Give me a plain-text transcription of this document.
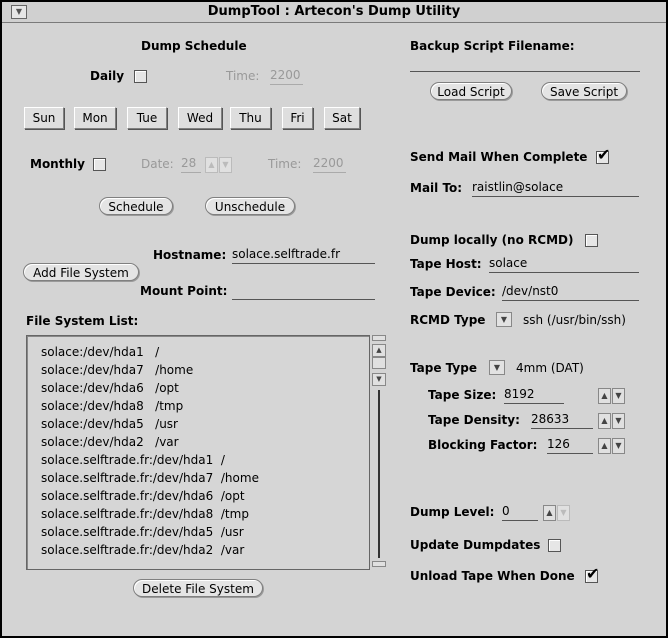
▼	DumpTool : Artecon's Dump Utility
Dump Schedule
Daily	Time: 2200
Sun	Mon	Tue	Wed	Thu	Fri	Sat
Monthly	Date: 28	▲ ▼	Time: 2200
Schedule	Unschedule
Hostname: solace.selftrade.fr
Add File System
Mount Point:
File System List:
solace:/dev/hda1   /
solace:/dev/hda7   /home
solace:/dev/hda6   /opt
solace:/dev/hda8   /tmp
solace:/dev/hda5   /usr
solace:/dev/hda2   /var
solace.selftrade.fr:/dev/hda1  /
solace.selftrade.fr:/dev/hda7  /home
solace.selftrade.fr:/dev/hda6  /opt
solace.selftrade.fr:/dev/hda8  /tmp
solace.selftrade.fr:/dev/hda5  /usr
solace.selftrade.fr:/dev/hda2  /var
▲
▼
Delete File System
Backup Script Filename:
Load Script	Save Script
Send Mail When Complete ✔
Mail To: raistlin@solace
Dump locally (no RCMD)
Tape Host: solace
Tape Device: /dev/nst0
RCMD Type	▼	ssh (/usr/bin/ssh)
Tape Type	▼	4mm (DAT)
Tape Size: 8192	▲ ▼
Tape Density: 28633	▲ ▼
Blocking Factor: 126	▲ ▼
Dump Level: 0	▲ ▼
Update Dumpdates
Unload Tape When Done ✔
